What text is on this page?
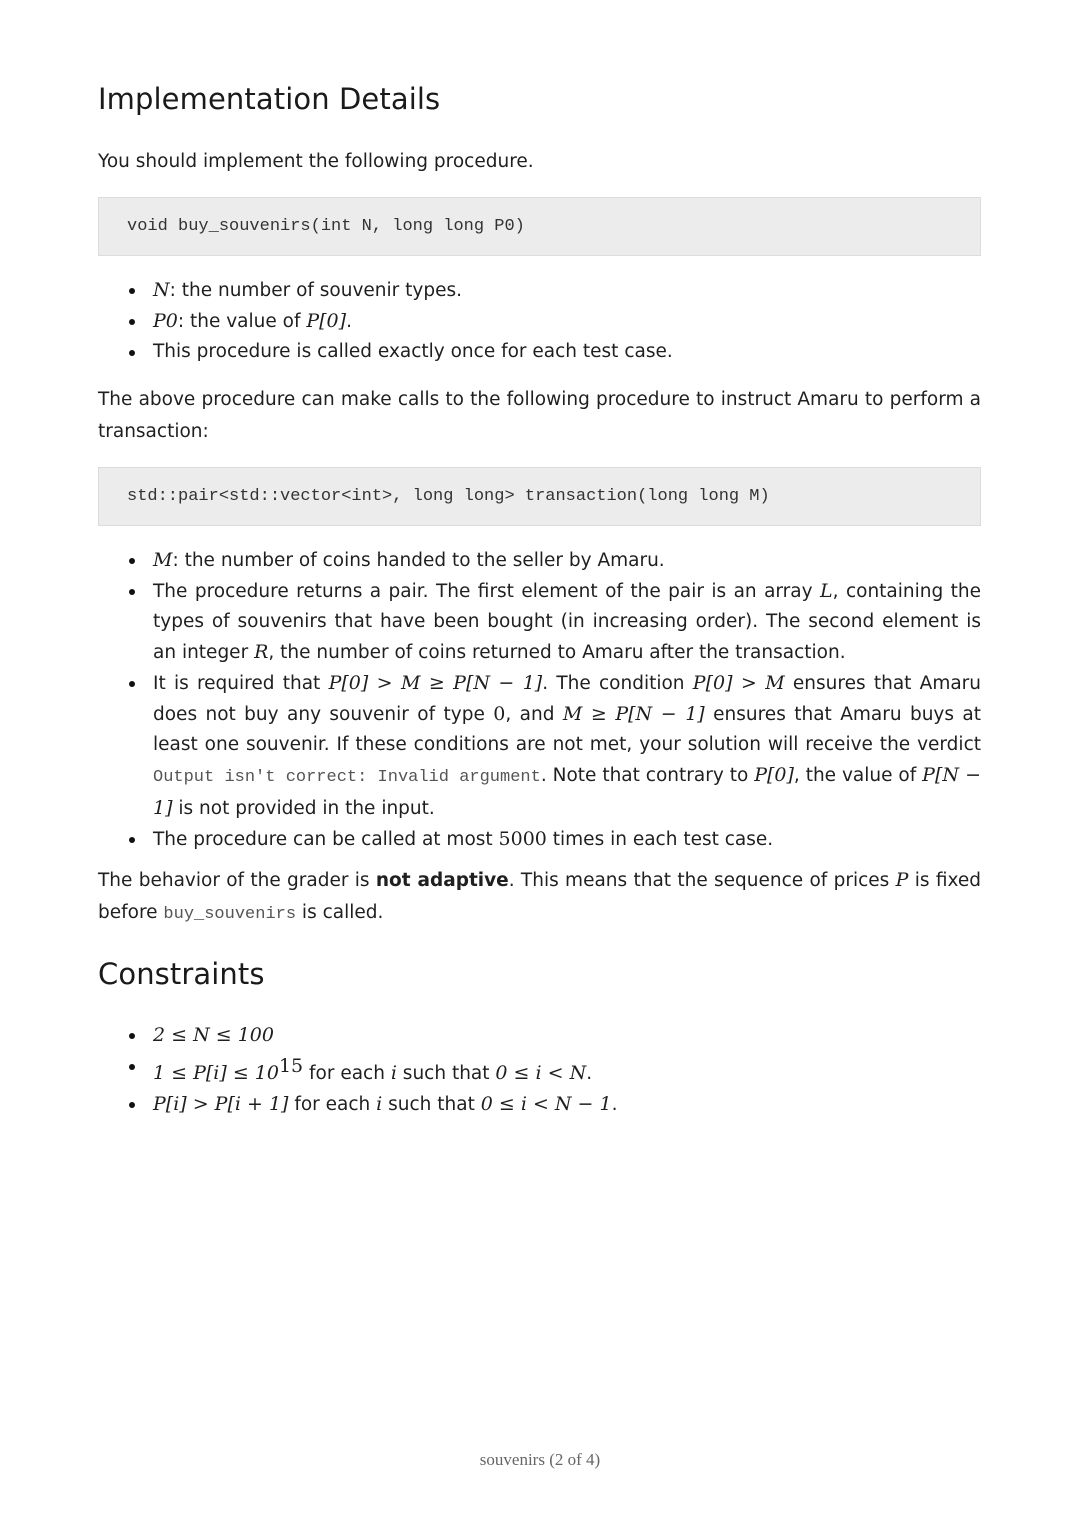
Implementation Details
You should implement the following procedure.
void buy_souvenirs(int N, long long P0)
N: the number of souvenir types.
P0: the value of P[0].
This procedure is called exactly once for each test case.
The above procedure can make calls to the following procedure to instruct Amaru to perform a transaction:
std::pair<std::vector<int>, long long> transaction(long long M)
M: the number of coins handed to the seller by Amaru.
The procedure returns a pair. The first element of the pair is an array L, containing the types of souvenirs that have been bought (in increasing order). The second element is an integer R, the number of coins returned to Amaru after the transaction.
It is required that P[0] > M ≥ P[N − 1]. The condition P[0] > M ensures that Amaru does not buy any souvenir of type 0, and M ≥ P[N − 1] ensures that Amaru buys at least one souvenir. If these conditions are not met, your solution will receive the verdict Output isn't correct: Invalid argument. Note that contrary to P[0], the value of P[N − 1] is not provided in the input.
The procedure can be called at most 5000 times in each test case.
The behavior of the grader is not adaptive. This means that the sequence of prices P is fixed before buy_souvenirs is called.
Constraints
2 ≤ N ≤ 100
$1 \le P[i] \le 10^{15}$ for each i such that 0 ≤ i < N.
P[i] > P[i + 1] for each i such that 0 ≤ i < N − 1.
souvenirs (2 of 4)
